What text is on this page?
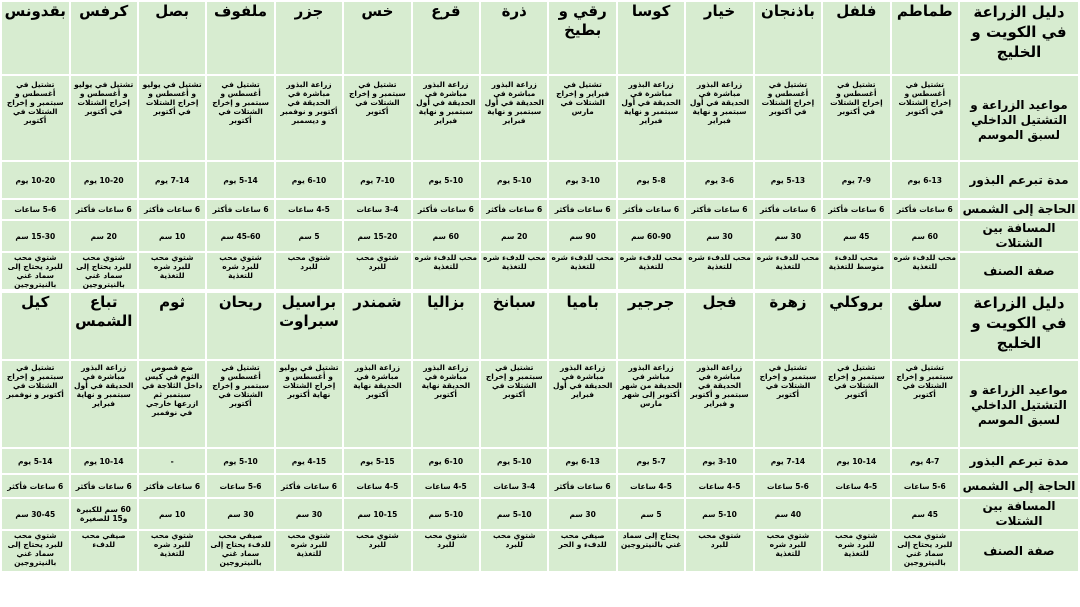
دليل الزراعة في الكويت و الخليج	طماطم	فلفل	باذنجان	خيار	كوسا	رقي و بطيخ	ذرة	قرع	خس	جزر	ملفوف	بصل	كرفس	بقدونس
مواعيد الزراعة و التشتيل الداخلي لسبق الموسم	تشتيل في أغسطس و إخراج الشتلات في أكتوبر	تشتيل في أغسطس و إخراج الشتلات في أكتوبر	تشتيل في أغسطس و إخراج الشتلات في أكتوبر	زراعة البذور مباشرة في الحديقة في أول سبتمبر و نهاية فبراير	زراعة البذور مباشرة في الحديقة في أول سبتمبر و نهاية فبراير	تشتيل في فبراير و إخراج الشتلات في مارس	زراعة البذور مباشرة في الحديقة في أول سبتمبر و نهاية فبراير	زراعة البذور مباشرة في الحديقة في أول سبتمبر و نهاية فبراير	تشتيل في سبتمبر و إخراج الشتلات في أكتوبر	زراعة البذور مباشرة في الحديقة في أكتوبر و نوفمبر و ديسمبر	تشتيل في أغسطس و سبتمبر و إخراج الشتلات في أكتوبر	تشتيل في يوليو و أغسطس و إخراج الشتلات في أكتوبر	تشتيل في يوليو و أغسطس و إخراج الشتلات في أكتوبر	تشتيل في أغسطس و سبتمبر و إخراج الشتلات في أكتوبر
مدة تبرعم البذور	6-13 يوم	7-9 يوم	5-13 يوم	3-6 يوم	5-8 يوم	3-10 يوم	5-10 يوم	5-10 يوم	7-10 يوم	6-10 يوم	5-14 يوم	7-14 يوم	10-20 يوم	10-20 يوم
الحاجة إلى الشمس	6 ساعات فأكثر	6 ساعات فأكثر	6 ساعات فأكثر	6 ساعات فأكثر	6 ساعات فأكثر	6 ساعات فأكثر	6 ساعات فأكثر	6 ساعات فأكثر	3-4 ساعات	4-5 ساعات	6 ساعات فأكثر	6 ساعات فأكثر	6 ساعات فأكثر	5-6 ساعات
المسافة بين الشتلات	60 سم	45 سم	30 سم	30 سم	60-90 سم	90 سم	20 سم	60 سم	15-20 سم	5 سم	45-60 سم	10 سم	20 سم	15-30 سم
صفة الصنف	محب للدفء شره للتغذية	محب للدفء متوسط للتغذية	محب للدفء شره للتغذية	محب للدفء شره للتغذية	محب للدفء شره للتغذية	محب للدفء شره للتغذية	محب للدفء شره للتغذية	محب للدفء شره للتغذية	شتوي محب للبرد	شتوي محب للبرد	شتوي محب للبرد شره للتغذية	شتوي محب للبرد شره للتغذية	شتوي محب للبرد يحتاج إلى سماد غني بالنيتروجين	شتوي محب للبرد يحتاج إلى سماد غني بالنيتروجين
دليل الزراعة في الكويت و الخليج	سلق	بروكلي	زهرة	فجل	جرجير	باميا	سبانخ	بزاليا	شمندر	براسيل سبراوت	ريحان	ثوم	تباع الشمس	كيل
مواعيد الزراعة و التشتيل الداخلي لسبق الموسم	تشتيل في سبتمبر و إخراج الشتلات في أكتوبر	تشتيل في سبتمبر و إخراج الشتلات في أكتوبر	تشتيل في سبتمبر و إخراج الشتلات في أكتوبر	زراعة البذور مباشرة في الحديقة في سبتمبر و أكتوبر و فبراير	زراعة البذور مباشر في الحديقة من شهر أكتوبر إلى شهر مارس	زراعة البذور مباشرة في الحديقة في أول فبراير	تشتيل في سبتمبر و إخراج الشتلات في أكتوبر	زراعة البذور مباشرة في الحديقة نهاية أكتوبر	زراعة البذور مباشرة في الحديقة نهاية أكتوبر	تشتيل في يوليو و أغسطس و إخراج الشتلات نهاية أكتوبر	تشتيل في أغسطس و سبتمبر و إخراج الشتلات في أكتوبر	ضع فصوص الثوم في كيس داخل الثلاجة في سبتمبر ثم ازرعها خارجي في نوفمبر	زراعة البذور مباشرة في الحديقة في أول سبتمبر و نهاية فبراير	تشتيل في سبتمبر و إخراج الشتلات في أكتوبر و نوفمبر
مدة تبرعم البذور	4-7 يوم	10-14 يوم	7-14 يوم	3-10 يوم	5-7 يوم	6-13 يوم	5-10 يوم	6-10 يوم	5-15 يوم	4-15 يوم	5-10 يوم	-	10-14 يوم	5-14 يوم
الحاجة إلى الشمس	5-6 ساعات	4-5 ساعات	5-6 ساعات	4-5 ساعات	4-5 ساعات	6 ساعات فأكثر	3-4 ساعات	4-5 ساعات	4-5 ساعات	6 ساعات فأكثر	5-6 ساعات	6 ساعات فأكثر	6 ساعات فأكثر	6 ساعات فأكثر
المسافة بين الشتلات	45 سم		40 سم	5-10 سم	5 سم	30 سم	5-10 سم	5-10 سم	10-15 سم	30 سم	30 سم	10 سم	60 سم للكبيرة و15 للصغيرة	30-45 سم
صفة الصنف	شتوي محب للبرد يحتاج إلى سماد غني بالنيتروجين	شتوي محب للبرد شره للتغذية	شتوي محب للبرد شره للتغذية	شتوي محب للبرد	يحتاج إلى سماد غني بالنيتروجين	صيفي محب للدفء و الحر	شتوي محب للبرد	شتوي محب للبرد	شتوي محب للبرد	شتوي محب للبرد شره للتغذية	صيفي محب للدفء يحتاج إلى سماد غني بالنيتروجين	شتوي محب للبرد شره للتغذية	صيفي محب للدفء	شتوي محب للبرد يحتاج إلى سماد غني بالنيتروجين
